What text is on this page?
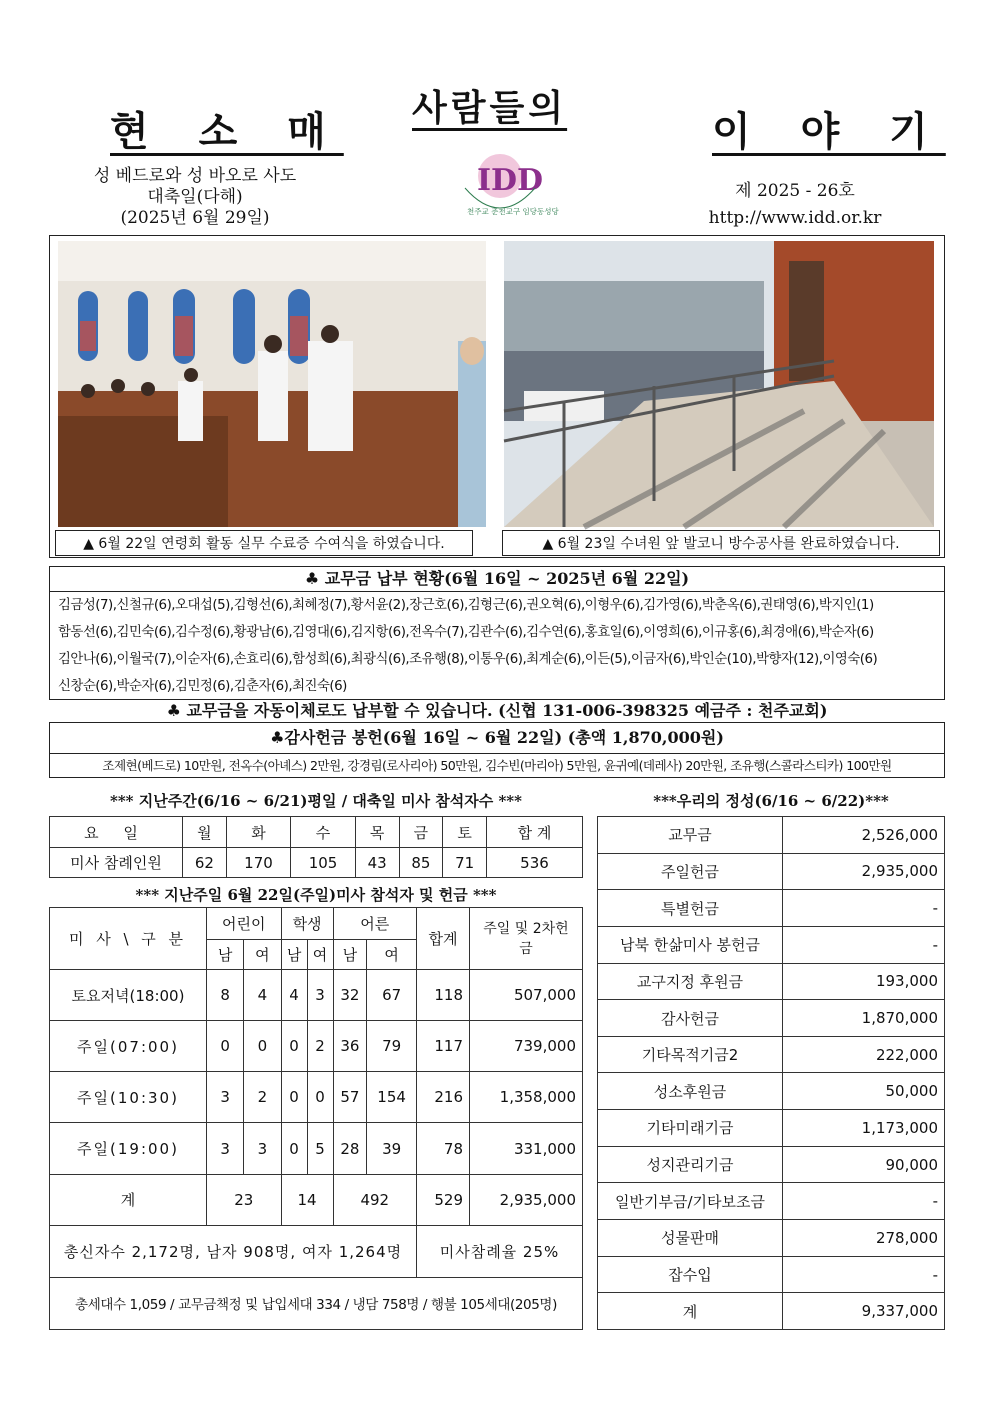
현 소 매 사람들의	이 야 기
성 베드로와 성 바오로 사도
대축일(다해)
(2025년 6월 29일)
IDD
천주교 춘천교구 임당동성당
제 2025 - 26호
http://www.idd.or.kr
▲ 6월 22일 연령회 활동 실무 수료증 수여식을 하였습니다.	▲ 6월 23일 수녀원 앞 발코니 방수공사를 완료하였습니다.
♣ 교무금 납부 현황(6월 16일 ~ 2025년 6월 22일)
김금성(7),신철규(6),오대섭(5),김형선(6),최혜정(7),황서윤(2),장근호(6),김형근(6),권오혁(6),이형우(6),김가영(6),박춘옥(6),권태영(6),박지인(1)
함동선(6),김민숙(6),김수정(6),황광남(6),김영대(6),김지항(6),전옥수(7),김관수(6),김수연(6),홍효일(6),이영희(6),이규홍(6),최경애(6),박순자(6)
김안나(6),이월국(7),이순자(6),손효리(6),함성희(6),최광식(6),조유행(8),이통우(6),최계순(6),이든(5),이금자(6),박인순(10),박향자(12),이영숙(6)
신창순(6),박순자(6),김민정(6),김춘자(6),최진숙(6)
♣ 교무금을 자동이체로도 납부할 수 있습니다. (신협 131-006-398325 예금주 : 천주교회)
♣감사헌금 봉헌(6월 16일 ~ 6월 22일) (총액 1,870,000원)
조제현(베드로) 10만원, 전옥수(아녜스) 2만원, 강경림(로사리아) 50만원, 김수빈(마리아) 5만원, 윤귀예(데레사) 20만원, 조유행(스콜라스티카) 100만원
*** 지난주간(6/16 ~ 6/21)평일 / 대축일 미사 참석자수 ***
요 일	월	화	수	목	금	토	합 계
미사 참례인원	62	170	105	43	85	71	536
*** 지난주일 6월 22일(주일)미사 참석자 및 헌금 ***
미 사 \ 구 분	어린이		학생		어른		합계	주일 및 2차헌금
	남	여	남	여	남	여		
토요저녁(18:00)	8	4	4	3	32	67	118	507,000
주일(07:00)	0	0	0	2	36	79	117	739,000
주일(10:30)	3	2	0	0	57	154	216	1,358,000
주일(19:00)	3	3	0	5	28	39	78	331,000
계	23		14		492		529	2,935,000
총신자수 2,172명, 남자 908명, 여자 1,264명							미사참례율 25%	
총세대수 1,059 / 교무금책정 및 납입세대 334 / 냉담 758명 / 행불 105세대(205명)								
***우리의 정성(6/16 ~ 6/22)***
교무금	2,526,000
주일헌금	2,935,000
특별헌금	-
남북 한삶미사 봉헌금	-
교구지정 후원금	193,000
감사헌금	1,870,000
기타목적기금2	222,000
성소후원금	50,000
기타미래기금	1,173,000
성지관리기금	90,000
일반기부금/기타보조금	-
성물판매	278,000
잡수입	-
계	9,337,000
